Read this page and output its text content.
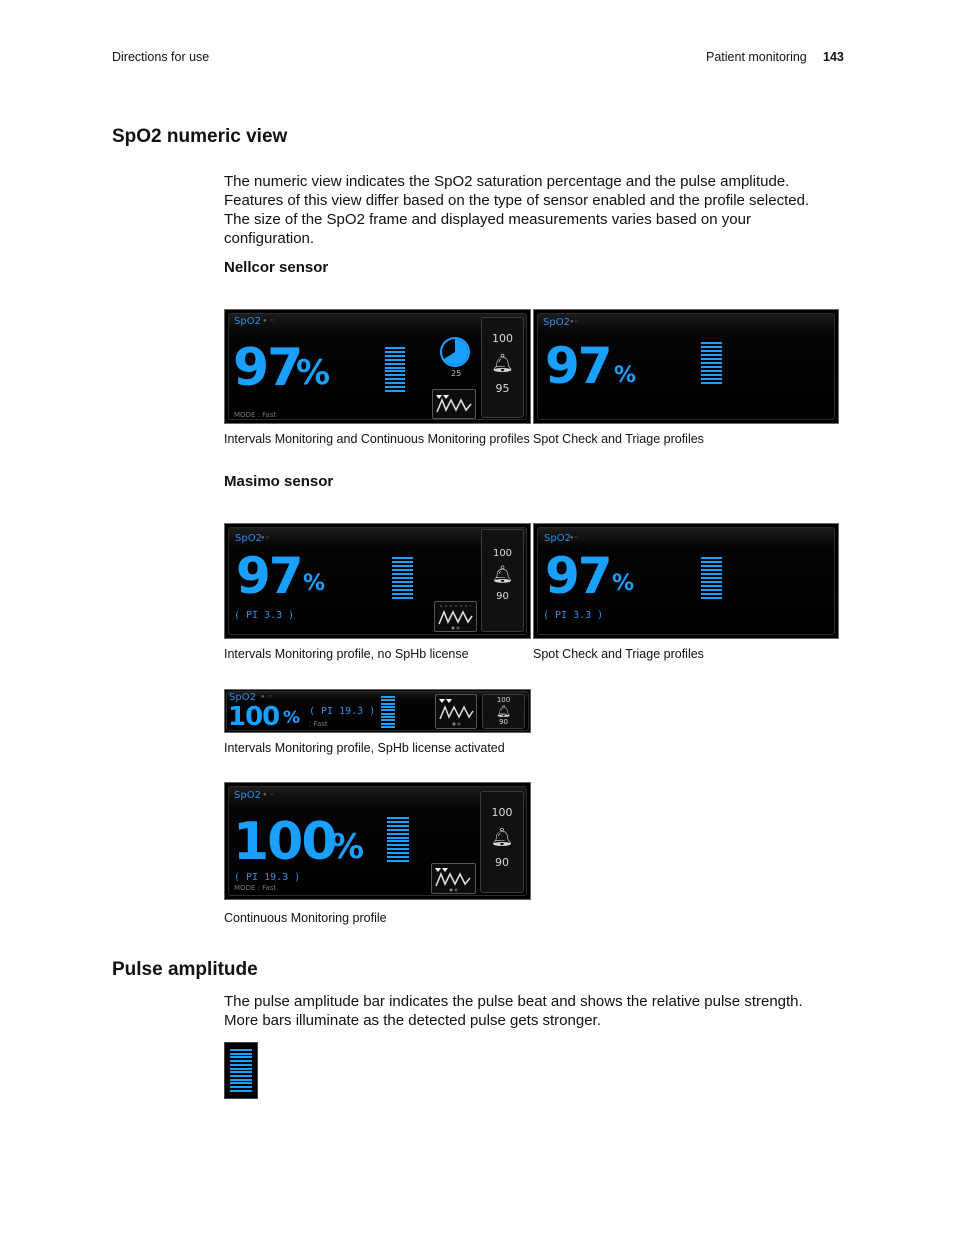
Directions for use	Patient monitoring 143
SpO2 numeric view
The numeric view indicates the SpO2 saturation percentage and the pulse amplitude.
Features of this view differ based on the type of sensor enabled and the profile selected.
The size of the SpO2 frame and displayed measurements varies based on your
configuration.
Nellcor sensor
SpO2 ● ○
97
%
MODE : Fast
25
100
🔔︎
95
Intervals Monitoring and Continuous Monitoring profiles
SpO2 ●○
97 %
Spot Check and Triage profiles
Masimo sensor
SpO2 ●○
97 %
( PI 3.3 )
100
🔔︎
90
Intervals Monitoring profile, no SpHb license
SpO2 ●○
97 %
( PI 3.3 )
Spot Check and Triage profiles
SpO2 ● ○
100 % ( PI 19.3 )
: Fast
100
🔔︎
90
Intervals Monitoring profile, SpHb license activated
SpO2 ● ○
100
%
( PI 19.3 )
MODE : Fast
100
🔔︎
90
Continuous Monitoring profile
Pulse amplitude
The pulse amplitude bar indicates the pulse beat and shows the relative pulse strength.
More bars illuminate as the detected pulse gets stronger.
